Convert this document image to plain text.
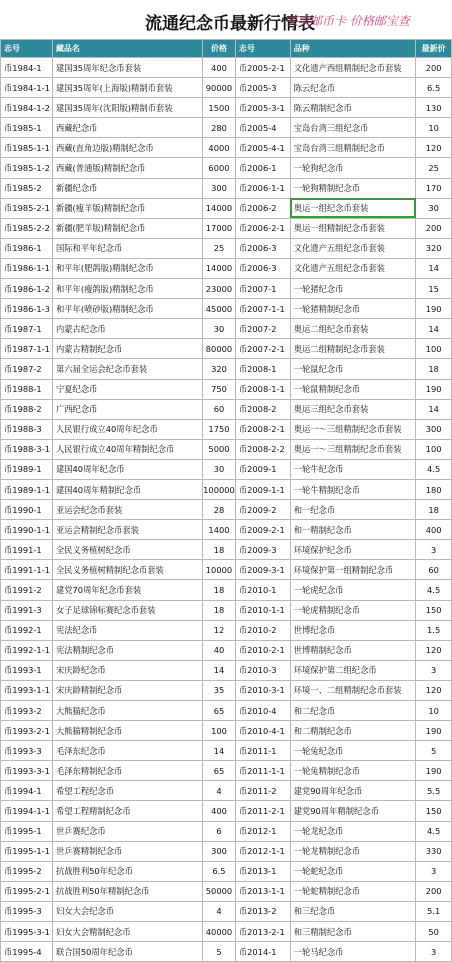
流通纪念币最新行情表
买卖邮币卡 价格邮宝查
志号	藏品名	价格	志号	品种	最新价
币1984-1	建国35周年纪念币套装	400	币2005-2-1	文化遗产西组精制纪念币套装	200
币1984-1-1	建国35周年(上海版)精制币套装	90000	币2005-3	陈云纪念币	6.5
币1984-1-2	建国35周年(沈阳版)精制币套装	1500	币2005-3-1	陈云精制纪念币	130
币1985-1	西藏纪念币	280	币2005-4	宝岛台湾三组纪念币	10
币1985-1-1	西藏(直角边版)精制纪念币	4000	币2005-4-1	宝岛台湾三组精制纪念币	120
币1985-1-2	西藏(普通版)精制纪念币	6000	币2006-1	一轮狗纪念币	25
币1985-2	新疆纪念币	300	币2006-1-1	一轮狗精制纪念币	170
币1985-2-1	新疆(瘦羊版)精制纪念币	14000	币2006-2	奥运一组纪念币套装	30
币1985-2-2	新疆(肥羊版)精制纪念币	17000	币2006-2-1	奥运一组精制纪念币套装	200
币1986-1	国际和平年纪念币	25	币2006-3	文化遗产五组纪念币套装	320
币1986-1-1	和平年(肥鸽版)精制纪念币	14000	币2006-3	文化遗产五组纪念币套装	14
币1986-1-2	和平年(瘦鸽版)精制纪念币	23000	币2007-1	一轮猪纪念币	15
币1986-1-3	和平年(喷砂版)精制纪念币	45000	币2007-1-1	一轮猪精制纪念币	190
币1987-1	内蒙古纪念币	30	币2007-2	奥运二组纪念币套装	14
币1987-1-1	内蒙古精制纪念币	80000	币2007-2-1	奥运二组精制纪念币套装	100
币1987-2	第六届全运会纪念币套装	320	币2008-1	一轮鼠纪念币	18
币1988-1	宁夏纪念币	750	币2008-1-1	一轮鼠精制纪念币	190
币1988-2	广西纪念币	60	币2008-2	奥运三组纪念币套装	14
币1988-3	人民银行成立40周年纪念币	1750	币2008-2-1	奥运一～三组精制纪念币套装	300
币1988-3-1	人民银行成立40周年精制纪念币	5000	币2008-2-2	奥运一～三组精制纪念币套装	100
币1989-1	建国40周年纪念币	30	币2009-1	一轮牛纪念币	4.5
币1989-1-1	建国40周年精制纪念币	100000	币2009-1-1	一轮牛精制纪念币	180
币1990-1	亚运会纪念币套装	28	币2009-2	和一纪念币	18
币1990-1-1	亚运会精制纪念币套装	1400	币2009-2-1	和一精制纪念币	400
币1991-1	全民义务植树纪念币	18	币2009-3	环境保护纪念币	3
币1991-1-1	全民义务植树精制纪念币套装	10000	币2009-3-1	环境保护第一组精制纪念币	60
币1991-2	建党70周年纪念币套装	18	币2010-1	一轮虎纪念币	4.5
币1991-3	女子足球锦标赛纪念币套装	18	币2010-1-1	一轮虎精制纪念币	150
币1992-1	宪法纪念币	12	币2010-2	世博纪念币	1.5
币1992-1-1	宪法精制纪念币	40	币2010-2-1	世博精制纪念币	120
币1993-1	宋庆龄纪念币	14	币2010-3	环境保护第二组纪念币	3
币1993-1-1	宋庆龄精制纪念币	35	币2010-3-1	环境一、二组精制纪念币套装	120
币1993-2	大熊猫纪念币	65	币2010-4	和二纪念币	10
币1993-2-1	大熊猫精制纪念币	100	币2010-4-1	和二精制纪念币	190
币1993-3	毛泽东纪念币	14	币2011-1	一轮兔纪念币	5
币1993-3-1	毛泽东精制纪念币	65	币2011-1-1	一轮兔精制纪念币	190
币1994-1	希望工程纪念币	4	币2011-2	建党90周年纪念币	5.5
币1994-1-1	希望工程精制纪念币	400	币2011-2-1	建党90周年精制纪念币	150
币1995-1	世乒赛纪念币	6	币2012-1	一轮龙纪念币	4.5
币1995-1-1	世乒赛精制纪念币	300	币2012-1-1	一轮龙精制纪念币	330
币1995-2	抗战胜利50年纪念币	6.5	币2013-1	一轮蛇纪念币	3
币1995-2-1	抗战胜利50年精制纪念币	50000	币2013-1-1	一轮蛇精制纪念币	200
币1995-3	妇女大会纪念币	4	币2013-2	和三纪念币	5.1
币1995-3-1	妇女大会精制纪念币	40000	币2013-2-1	和三精制纪念币	50
币1995-4	联合国50周年纪念币	5	币2014-1	一轮马纪念币	3
